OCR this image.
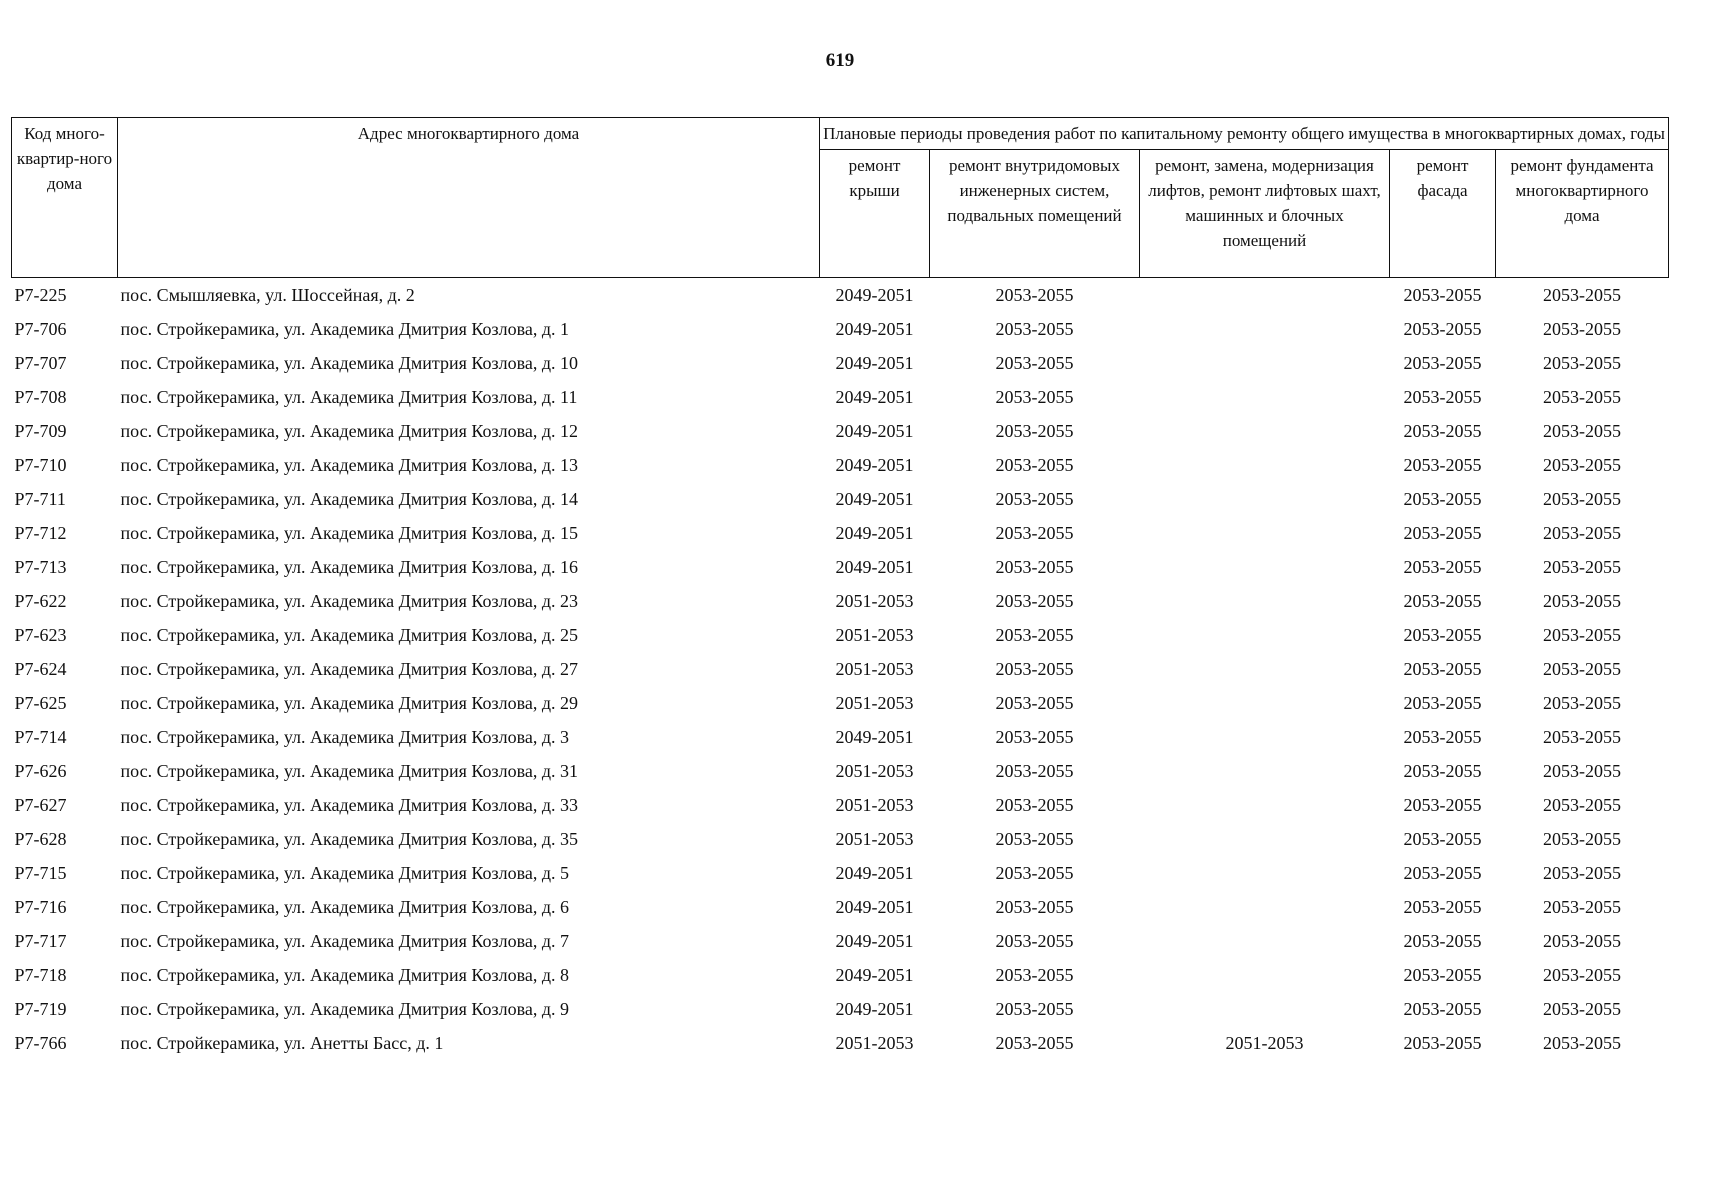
619
Код много-квартир-ного дома	Адрес многоквартирного дома	Плановые периоды проведения работ по капитальному ремонту общего имущества в многоквартирных домах, годы				
		ремонт крыши	ремонт внутридомовых инженерных систем, подвальных помещений	ремонт, замена, модернизация лифтов, ремонт лифтовых шахт, машинных и блочных помещений	ремонт фасада	ремонт фундамента многоквартирного дома
Р7-225	пос. Смышляевка, ул. Шоссейная, д. 2	2049-2051	2053-2055		2053-2055	2053-2055
Р7-706	пос. Стройкерамика, ул. Академика Дмитрия Козлова, д. 1	2049-2051	2053-2055		2053-2055	2053-2055
Р7-707	пос. Стройкерамика, ул. Академика Дмитрия Козлова, д. 10	2049-2051	2053-2055		2053-2055	2053-2055
Р7-708	пос. Стройкерамика, ул. Академика Дмитрия Козлова, д. 11	2049-2051	2053-2055		2053-2055	2053-2055
Р7-709	пос. Стройкерамика, ул. Академика Дмитрия Козлова, д. 12	2049-2051	2053-2055		2053-2055	2053-2055
Р7-710	пос. Стройкерамика, ул. Академика Дмитрия Козлова, д. 13	2049-2051	2053-2055		2053-2055	2053-2055
Р7-711	пос. Стройкерамика, ул. Академика Дмитрия Козлова, д. 14	2049-2051	2053-2055		2053-2055	2053-2055
Р7-712	пос. Стройкерамика, ул. Академика Дмитрия Козлова, д. 15	2049-2051	2053-2055		2053-2055	2053-2055
Р7-713	пос. Стройкерамика, ул. Академика Дмитрия Козлова, д. 16	2049-2051	2053-2055		2053-2055	2053-2055
Р7-622	пос. Стройкерамика, ул. Академика Дмитрия Козлова, д. 23	2051-2053	2053-2055		2053-2055	2053-2055
Р7-623	пос. Стройкерамика, ул. Академика Дмитрия Козлова, д. 25	2051-2053	2053-2055		2053-2055	2053-2055
Р7-624	пос. Стройкерамика, ул. Академика Дмитрия Козлова, д. 27	2051-2053	2053-2055		2053-2055	2053-2055
Р7-625	пос. Стройкерамика, ул. Академика Дмитрия Козлова, д. 29	2051-2053	2053-2055		2053-2055	2053-2055
Р7-714	пос. Стройкерамика, ул. Академика Дмитрия Козлова, д. 3	2049-2051	2053-2055		2053-2055	2053-2055
Р7-626	пос. Стройкерамика, ул. Академика Дмитрия Козлова, д. 31	2051-2053	2053-2055		2053-2055	2053-2055
Р7-627	пос. Стройкерамика, ул. Академика Дмитрия Козлова, д. 33	2051-2053	2053-2055		2053-2055	2053-2055
Р7-628	пос. Стройкерамика, ул. Академика Дмитрия Козлова, д. 35	2051-2053	2053-2055		2053-2055	2053-2055
Р7-715	пос. Стройкерамика, ул. Академика Дмитрия Козлова, д. 5	2049-2051	2053-2055		2053-2055	2053-2055
Р7-716	пос. Стройкерамика, ул. Академика Дмитрия Козлова, д. 6	2049-2051	2053-2055		2053-2055	2053-2055
Р7-717	пос. Стройкерамика, ул. Академика Дмитрия Козлова, д. 7	2049-2051	2053-2055		2053-2055	2053-2055
Р7-718	пос. Стройкерамика, ул. Академика Дмитрия Козлова, д. 8	2049-2051	2053-2055		2053-2055	2053-2055
Р7-719	пос. Стройкерамика, ул. Академика Дмитрия Козлова, д. 9	2049-2051	2053-2055		2053-2055	2053-2055
Р7-766	пос. Стройкерамика, ул. Анетты Басс, д. 1	2051-2053	2053-2055	2051-2053	2053-2055	2053-2055
